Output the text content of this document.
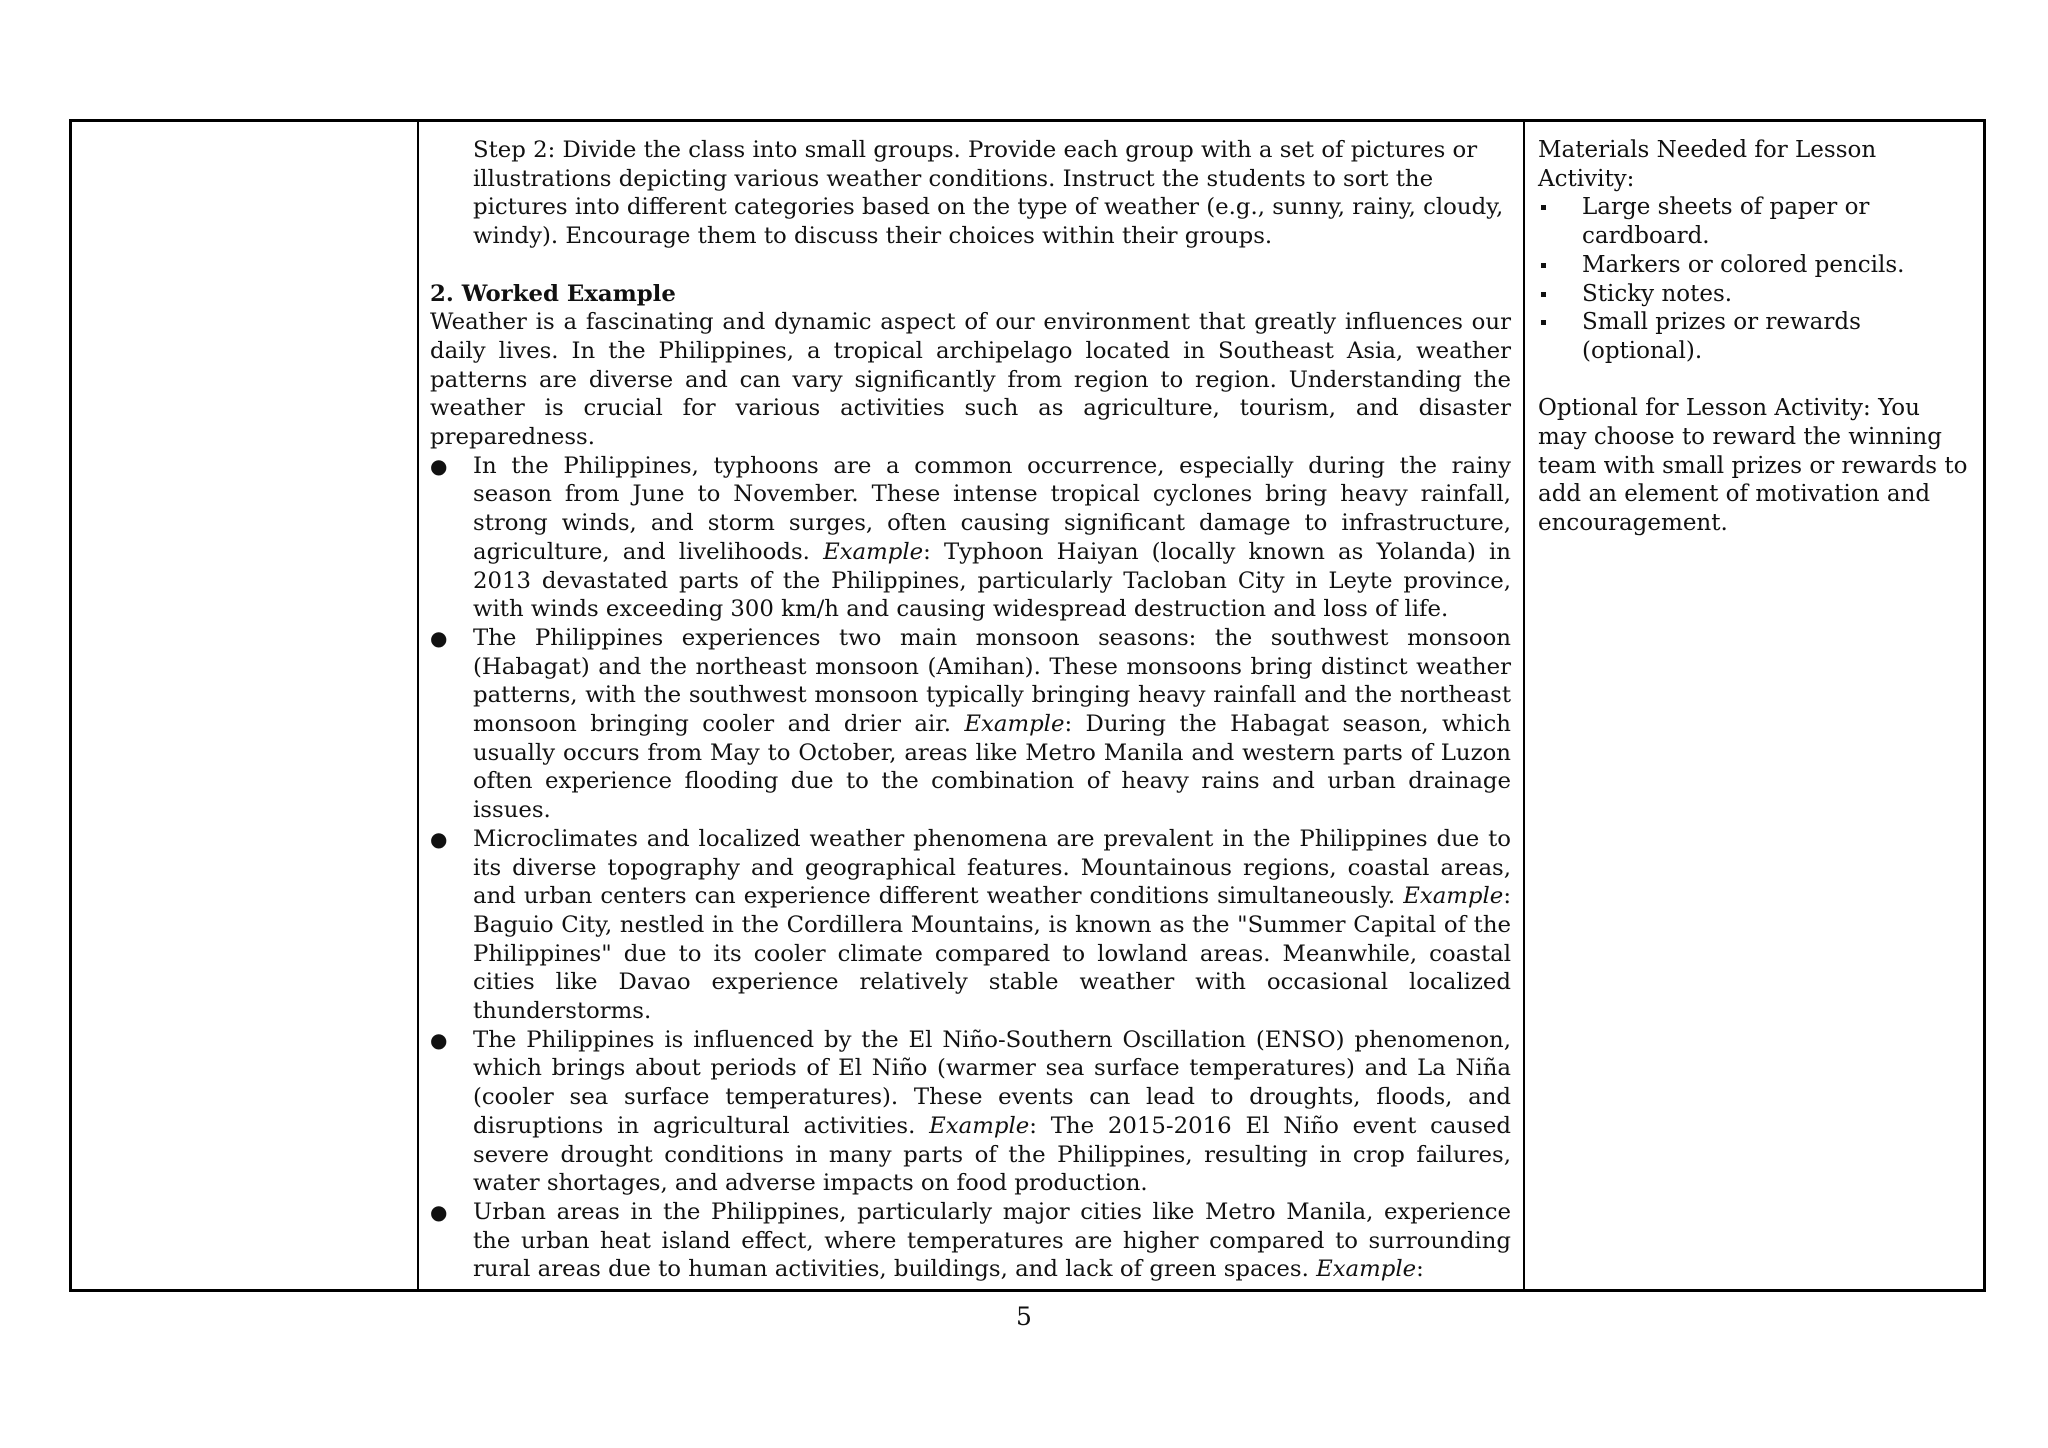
Step 2: Divide the class into small groups. Provide each group with a set of pictures or illustrations depicting various weather conditions. Instruct the students to sort the pictures into different categories based on the type of weather (e.g., sunny, rainy, cloudy, windy). Encourage them to discuss their choices within their groups.

2. Worked Example

Weather is a fascinating and dynamic aspect of our environment that greatly influences our daily lives. In the Philippines, a tropical archipelago located in Southeast Asia, weather patterns are diverse and can vary significantly from region to region. Understanding the weather is crucial for various activities such as agriculture, tourism, and disaster preparedness.

● In the Philippines, typhoons are a common occurrence, especially during the rainy season from June to November. These intense tropical cyclones bring heavy rainfall, strong winds, and storm surges, often causing significant damage to infrastructure, agriculture, and livelihoods. Example: Typhoon Haiyan (locally known as Yolanda) in 2013 devastated parts of the Philippines, particularly Tacloban City in Leyte province, with winds exceeding 300 km/h and causing widespread destruction and loss of life.
● The Philippines experiences two main monsoon seasons: the southwest monsoon (Habagat) and the northeast monsoon (Amihan). These monsoons bring distinct weather patterns, with the southwest monsoon typically bringing heavy rainfall and the northeast monsoon bringing cooler and drier air. Example: During the Habagat season, which usually occurs from May to October, areas like Metro Manila and western parts of Luzon often experience flooding due to the combination of heavy rains and urban drainage issues.
● Microclimates and localized weather phenomena are prevalent in the Philippines due to its diverse topography and geographical features. Mountainous regions, coastal areas, and urban centers can experience different weather conditions simultaneously. Example: Baguio City, nestled in the Cordillera Mountains, is known as the "Summer Capital of the Philippines" due to its cooler climate compared to lowland areas. Meanwhile, coastal cities like Davao experience relatively stable weather with occasional localized thunderstorms.
● The Philippines is influenced by the El Niño-Southern Oscillation (ENSO) phenomenon, which brings about periods of El Niño (warmer sea surface temperatures) and La Niña (cooler sea surface temperatures). These events can lead to droughts, floods, and disruptions in agricultural activities. Example: The 2015-2016 El Niño event caused severe drought conditions in many parts of the Philippines, resulting in crop failures, water shortages, and adverse impacts on food production.
● Urban areas in the Philippines, particularly major cities like Metro Manila, experience the urban heat island effect, where temperatures are higher compared to surrounding rural areas due to human activities, buildings, and lack of green spaces. Example:

Materials Needed for Lesson Activity:

Large sheets of paper or cardboard.
Markers or colored pencils.
Sticky notes.
Small prizes or rewards (optional).

Optional for Lesson Activity: You may choose to reward the winning team with small prizes or rewards to add an element of motivation and encouragement.

5
